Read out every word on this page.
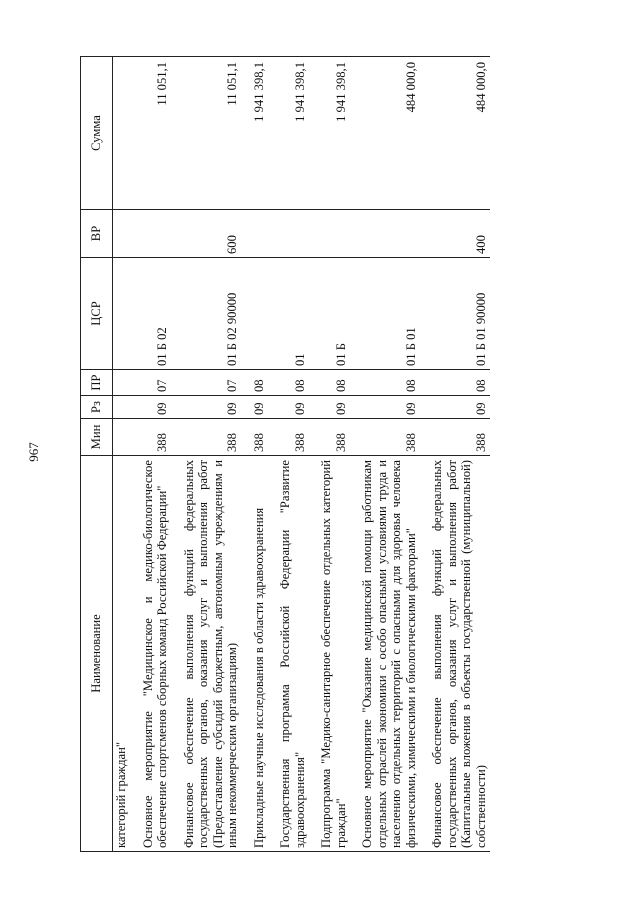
967
Наименование	Мин	Рз	ПР	ЦСР	ВР	Сумма
категорий граждан"						
Основное мероприятие "Медицинское и медико-биологическое обеспечение спортсменов сборных команд Российской Федерации"	388	09	07	01 Б 02		11 051,1
Финансовое обеспечение выполнения функций федеральных государственных органов, оказания услуг и выполнения работ (Предоставление субсидий бюджетным, автономным учреждениям и иным некоммерческим организациям)	388	09	07	01 Б 02 90000	600	11 051,1
Прикладные научные исследования в области здравоохранения	388	09	08			1 941 398,1
Государственная программа Российской Федерации "Развитие здравоохранения"	388	09	08	01		1 941 398,1
Подпрограмма "Медико-санитарное обеспечение отдельных категорий граждан"	388	09	08	01 Б		1 941 398,1
Основное мероприятие "Оказание медицинской помощи работникам отдельных отраслей экономики с особо опасными условиями труда и населению отдельных территорий с опасными для здоровья человека физическими, химическими и биологическими факторами"	388	09	08	01 Б 01		484 000,0
Финансовое обеспечение выполнения функций федеральных государственных органов, оказания услуг и выполнения работ (Капитальные вложения в объекты государственной (муниципальной) собственности)	388	09	08	01 Б 01 90000	400	484 000,0
